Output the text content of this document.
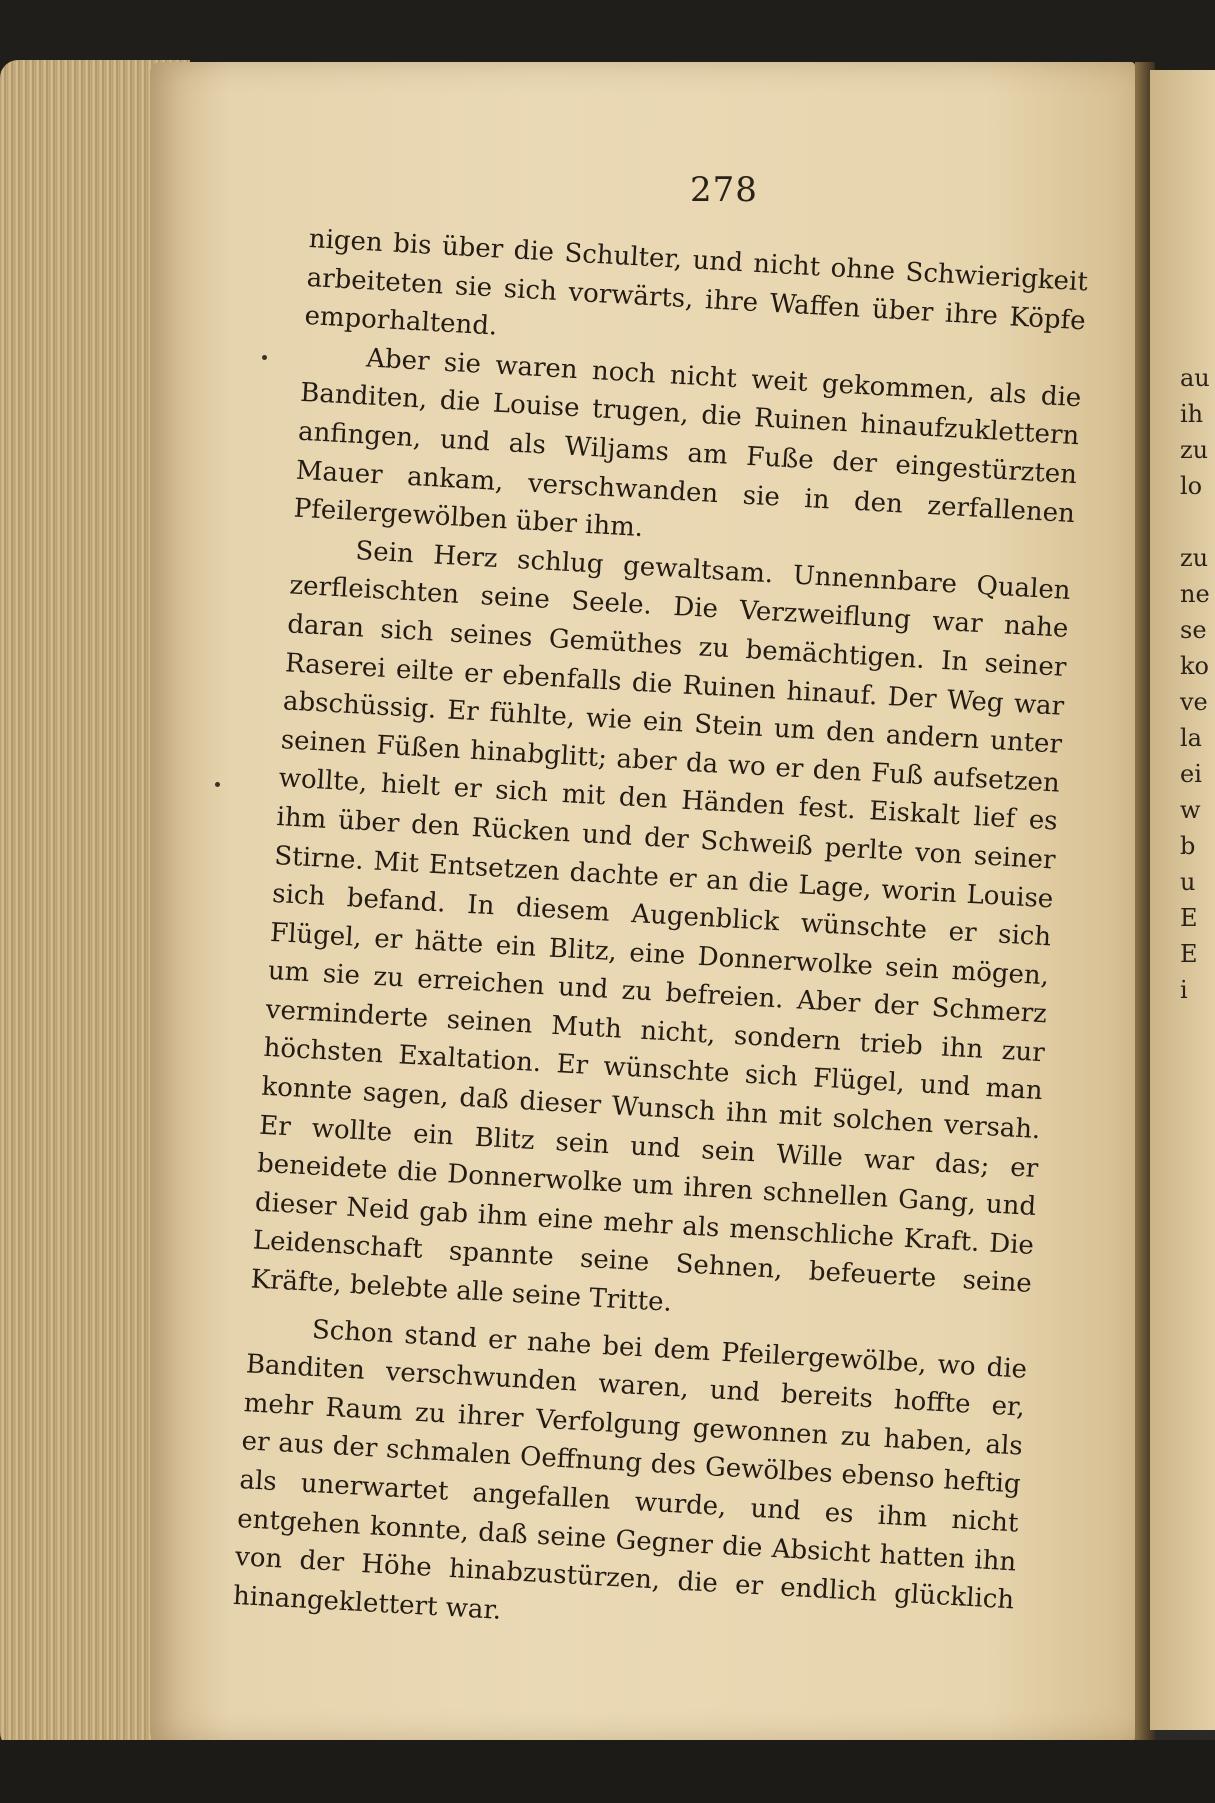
au
ih
zu
lo

zu
ne
se
ko
ve
la
ei
w
b
u
E
E
i
278

nigen bis über die Schulter, und nicht ohne Schwierigkeit arbeiteten sie sich vorwärts, ihre Waffen über ihre Köpfe emporhaltend.

Aber sie waren noch nicht weit gekommen, als die Banditen, die Louise trugen, die Ruinen hinaufzuklettern anfingen, und als Wiljams am Fuße der eingestürzten Mauer ankam, verschwanden sie in den zerfallenen Pfeilergewölben über ihm.

Sein Herz schlug gewaltsam. Unnennbare Qualen zerfleischten seine Seele. Die Verzweiflung war nahe daran sich seines Gemüthes zu bemächtigen. In seiner Raserei eilte er ebenfalls die Ruinen hinauf. Der Weg war abschüssig. Er fühlte, wie ein Stein um den andern unter seinen Füßen hinabglitt; aber da wo er den Fuß aufsetzen wollte, hielt er sich mit den Händen fest. Eiskalt lief es ihm über den Rücken und der Schweiß perlte von seiner Stirne. Mit Entsetzen dachte er an die Lage, worin Louise sich befand. In diesem Augenblick wünschte er sich Flügel, er hätte ein Blitz, eine Donnerwolke sein mögen, um sie zu erreichen und zu befreien. Aber der Schmerz verminderte seinen Muth nicht, sondern trieb ihn zur höchsten Exaltation. Er wünschte sich Flügel, und man konnte sagen, daß dieser Wunsch ihn mit solchen versah. Er wollte ein Blitz sein und sein Wille war das; er beneidete die Donnerwolke um ihren schnellen Gang, und dieser Neid gab ihm eine mehr als menschliche Kraft. Die Leidenschaft spannte seine Sehnen, befeuerte seine Kräfte, belebte alle seine Tritte.

Schon stand er nahe bei dem Pfeilergewölbe, wo die Banditen verschwunden waren, und bereits hoffte er, mehr Raum zu ihrer Verfolgung gewonnen zu haben, als er aus der schmalen Oeffnung des Gewölbes ebenso heftig als unerwartet angefallen wurde, und es ihm nicht entgehen konnte, daß seine Gegner die Absicht hatten ihn von der Höhe hinabzustürzen, die er endlich glücklich hinangeklettert war.
